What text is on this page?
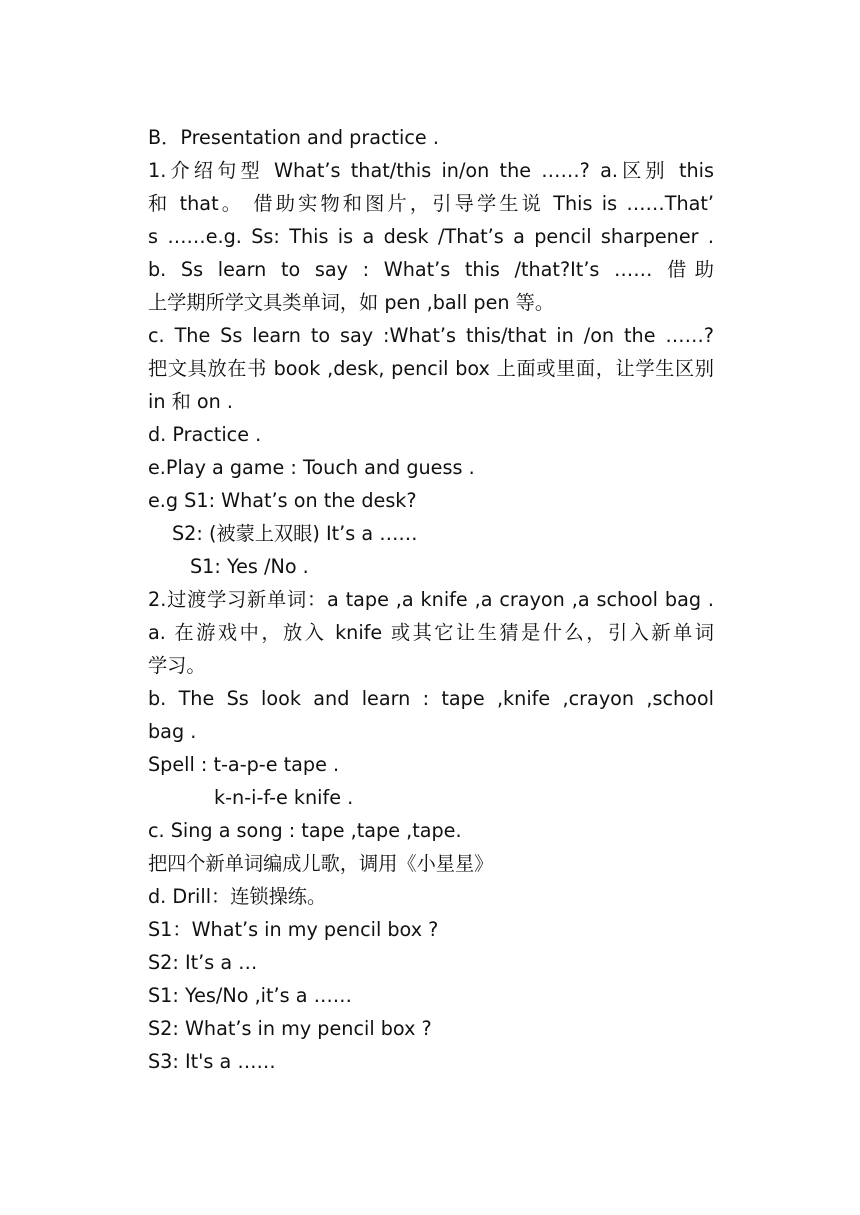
B．Presentation and practice .
1.介绍句型 What’s that/this in/on the ……? a.区别 this
和 that。 借助实物和图片，引导学生说 This is ……That’
s ……e.g. Ss: This is a desk /That’s a pencil sharpener .
b. Ss learn to say : What’s this /that?It’s …… 借助
上学期所学文具类单词，如 pen ,ball pen 等。
c. The Ss learn to say :What’s this/that in /on the ……?
把文具放在书 book ,desk, pencil box 上面或里面，让学生区别
in 和 on .
d. Practice .
e.Play a game : Touch and guess .
e.g S1: What’s on the desk?
S2: (被蒙上双眼) It’s a ……
S1: Yes /No .
2.过渡学习新单词：a tape ,a knife ,a crayon ,a school bag .
a. 在游戏中，放入 knife 或其它让生猜是什么，引入新单词
学习。
b. The Ss look and learn : tape ,knife ,crayon ,school
bag .
Spell : t-a-p-e tape .
k-n-i-f-e knife .
c. Sing a song : tape ,tape ,tape.
把四个新单词编成儿歌，调用《小星星》
d. Drill：连锁操练。
S1：What’s in my pencil box ?
S2: It’s a …
S1: Yes/No ,it’s a ……
S2: What’s in my pencil box ?
S3: It's a ……
